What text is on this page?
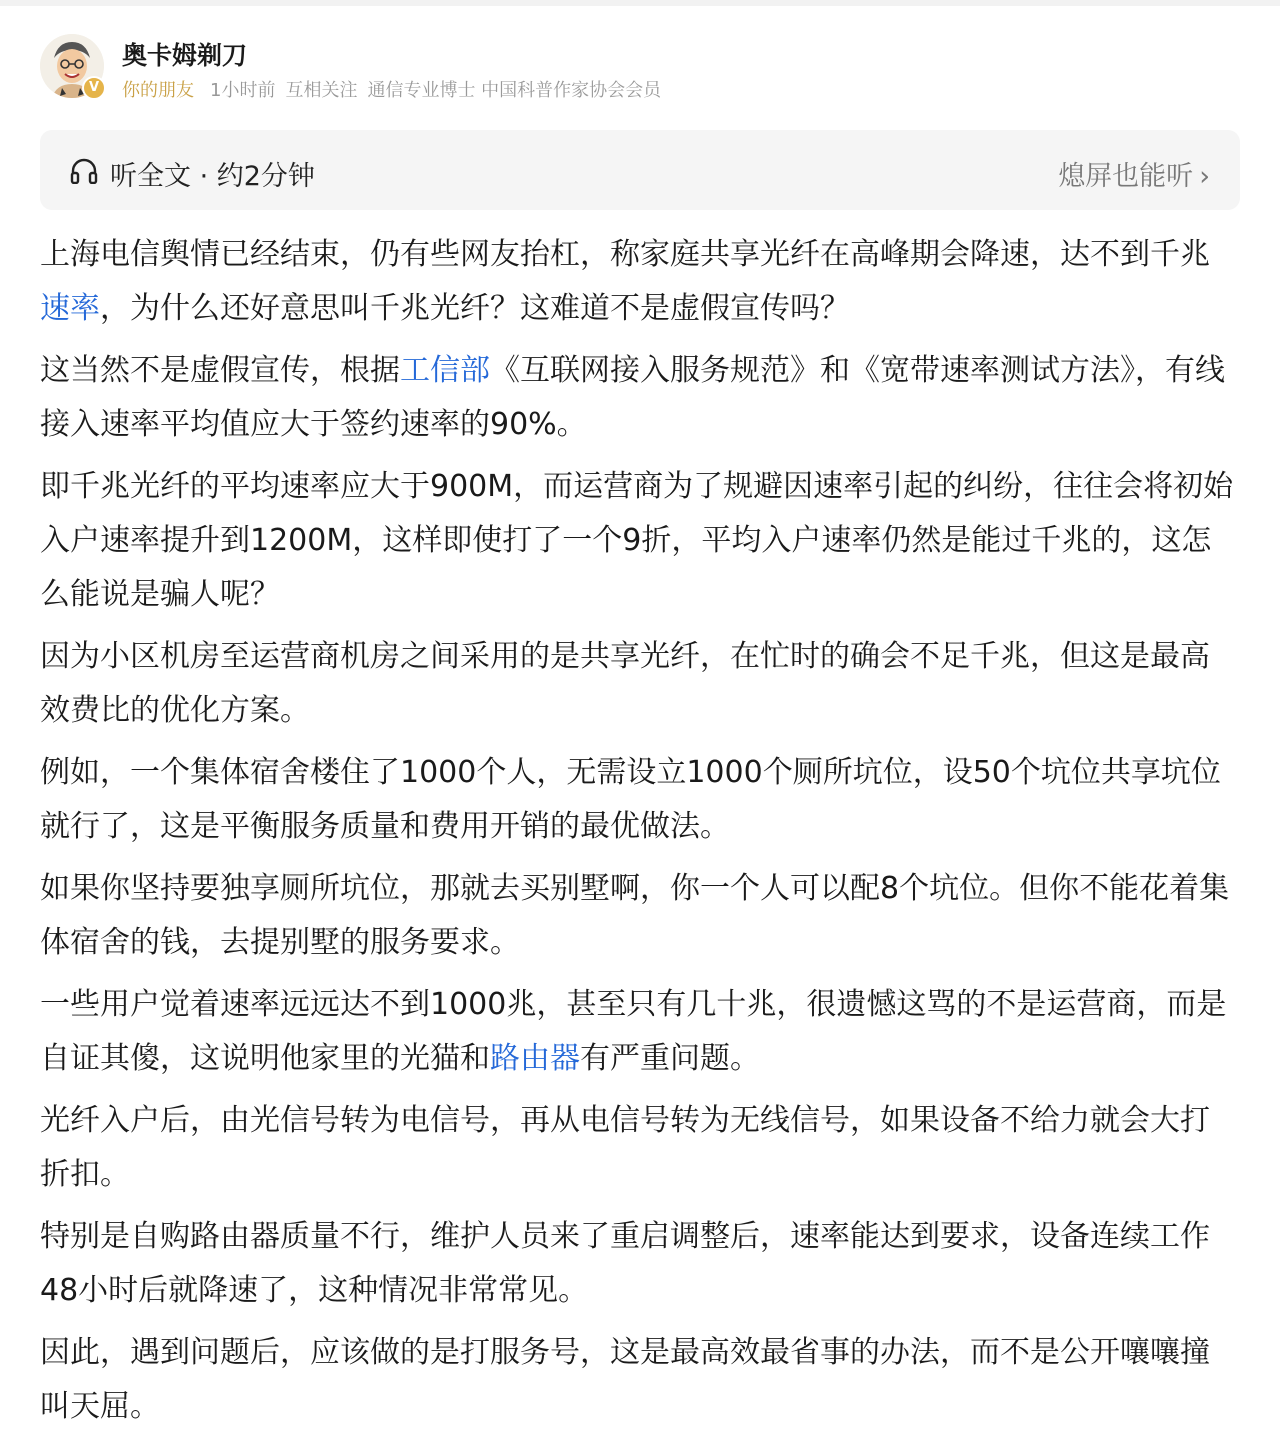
V
奥卡姆剃刀
你的朋友 1小时前 互相关注 通信专业博士 中国科普作家协会会员
听全文 · 约2分钟	熄屏也能听 ›

上海电信舆情已经结束，仍有些网友抬杠，称家庭共享光纤在高峰期会降速，达不到千兆速率，为什么还好意思叫千兆光纤？这难道不是虚假宣传吗？

这当然不是虚假宣传，根据工信部《互联网接入服务规范》和《宽带速率测试方法》，有线接入速率平均值应大于签约速率的90%。

即千兆光纤的平均速率应大于900M，而运营商为了规避因速率引起的纠纷，往往会将初始入户速率提升到1200M，这样即使打了一个9折，平均入户速率仍然是能过千兆的，这怎么能说是骗人呢？

因为小区机房至运营商机房之间采用的是共享光纤，在忙时的确会不足千兆，但这是最高效费比的优化方案。

例如，一个集体宿舍楼住了1000个人，无需设立1000个厕所坑位，设50个坑位共享坑位就行了，这是平衡服务质量和费用开销的最优做法。

如果你坚持要独享厕所坑位，那就去买别墅啊，你一个人可以配8个坑位。但你不能花着集体宿舍的钱，去提别墅的服务要求。

一些用户觉着速率远远达不到1000兆，甚至只有几十兆，很遗憾这骂的不是运营商，而是自证其傻，这说明他家里的光猫和路由器有严重问题。

光纤入户后，由光信号转为电信号，再从电信号转为无线信号，如果设备不给力就会大打折扣。

特别是自购路由器质量不行，维护人员来了重启调整后，速率能达到要求，设备连续工作48小时后就降速了，这种情况非常常见。

因此，遇到问题后，应该做的是打服务号，这是最高效最省事的办法，而不是公开嚷嚷撞叫天屈。
